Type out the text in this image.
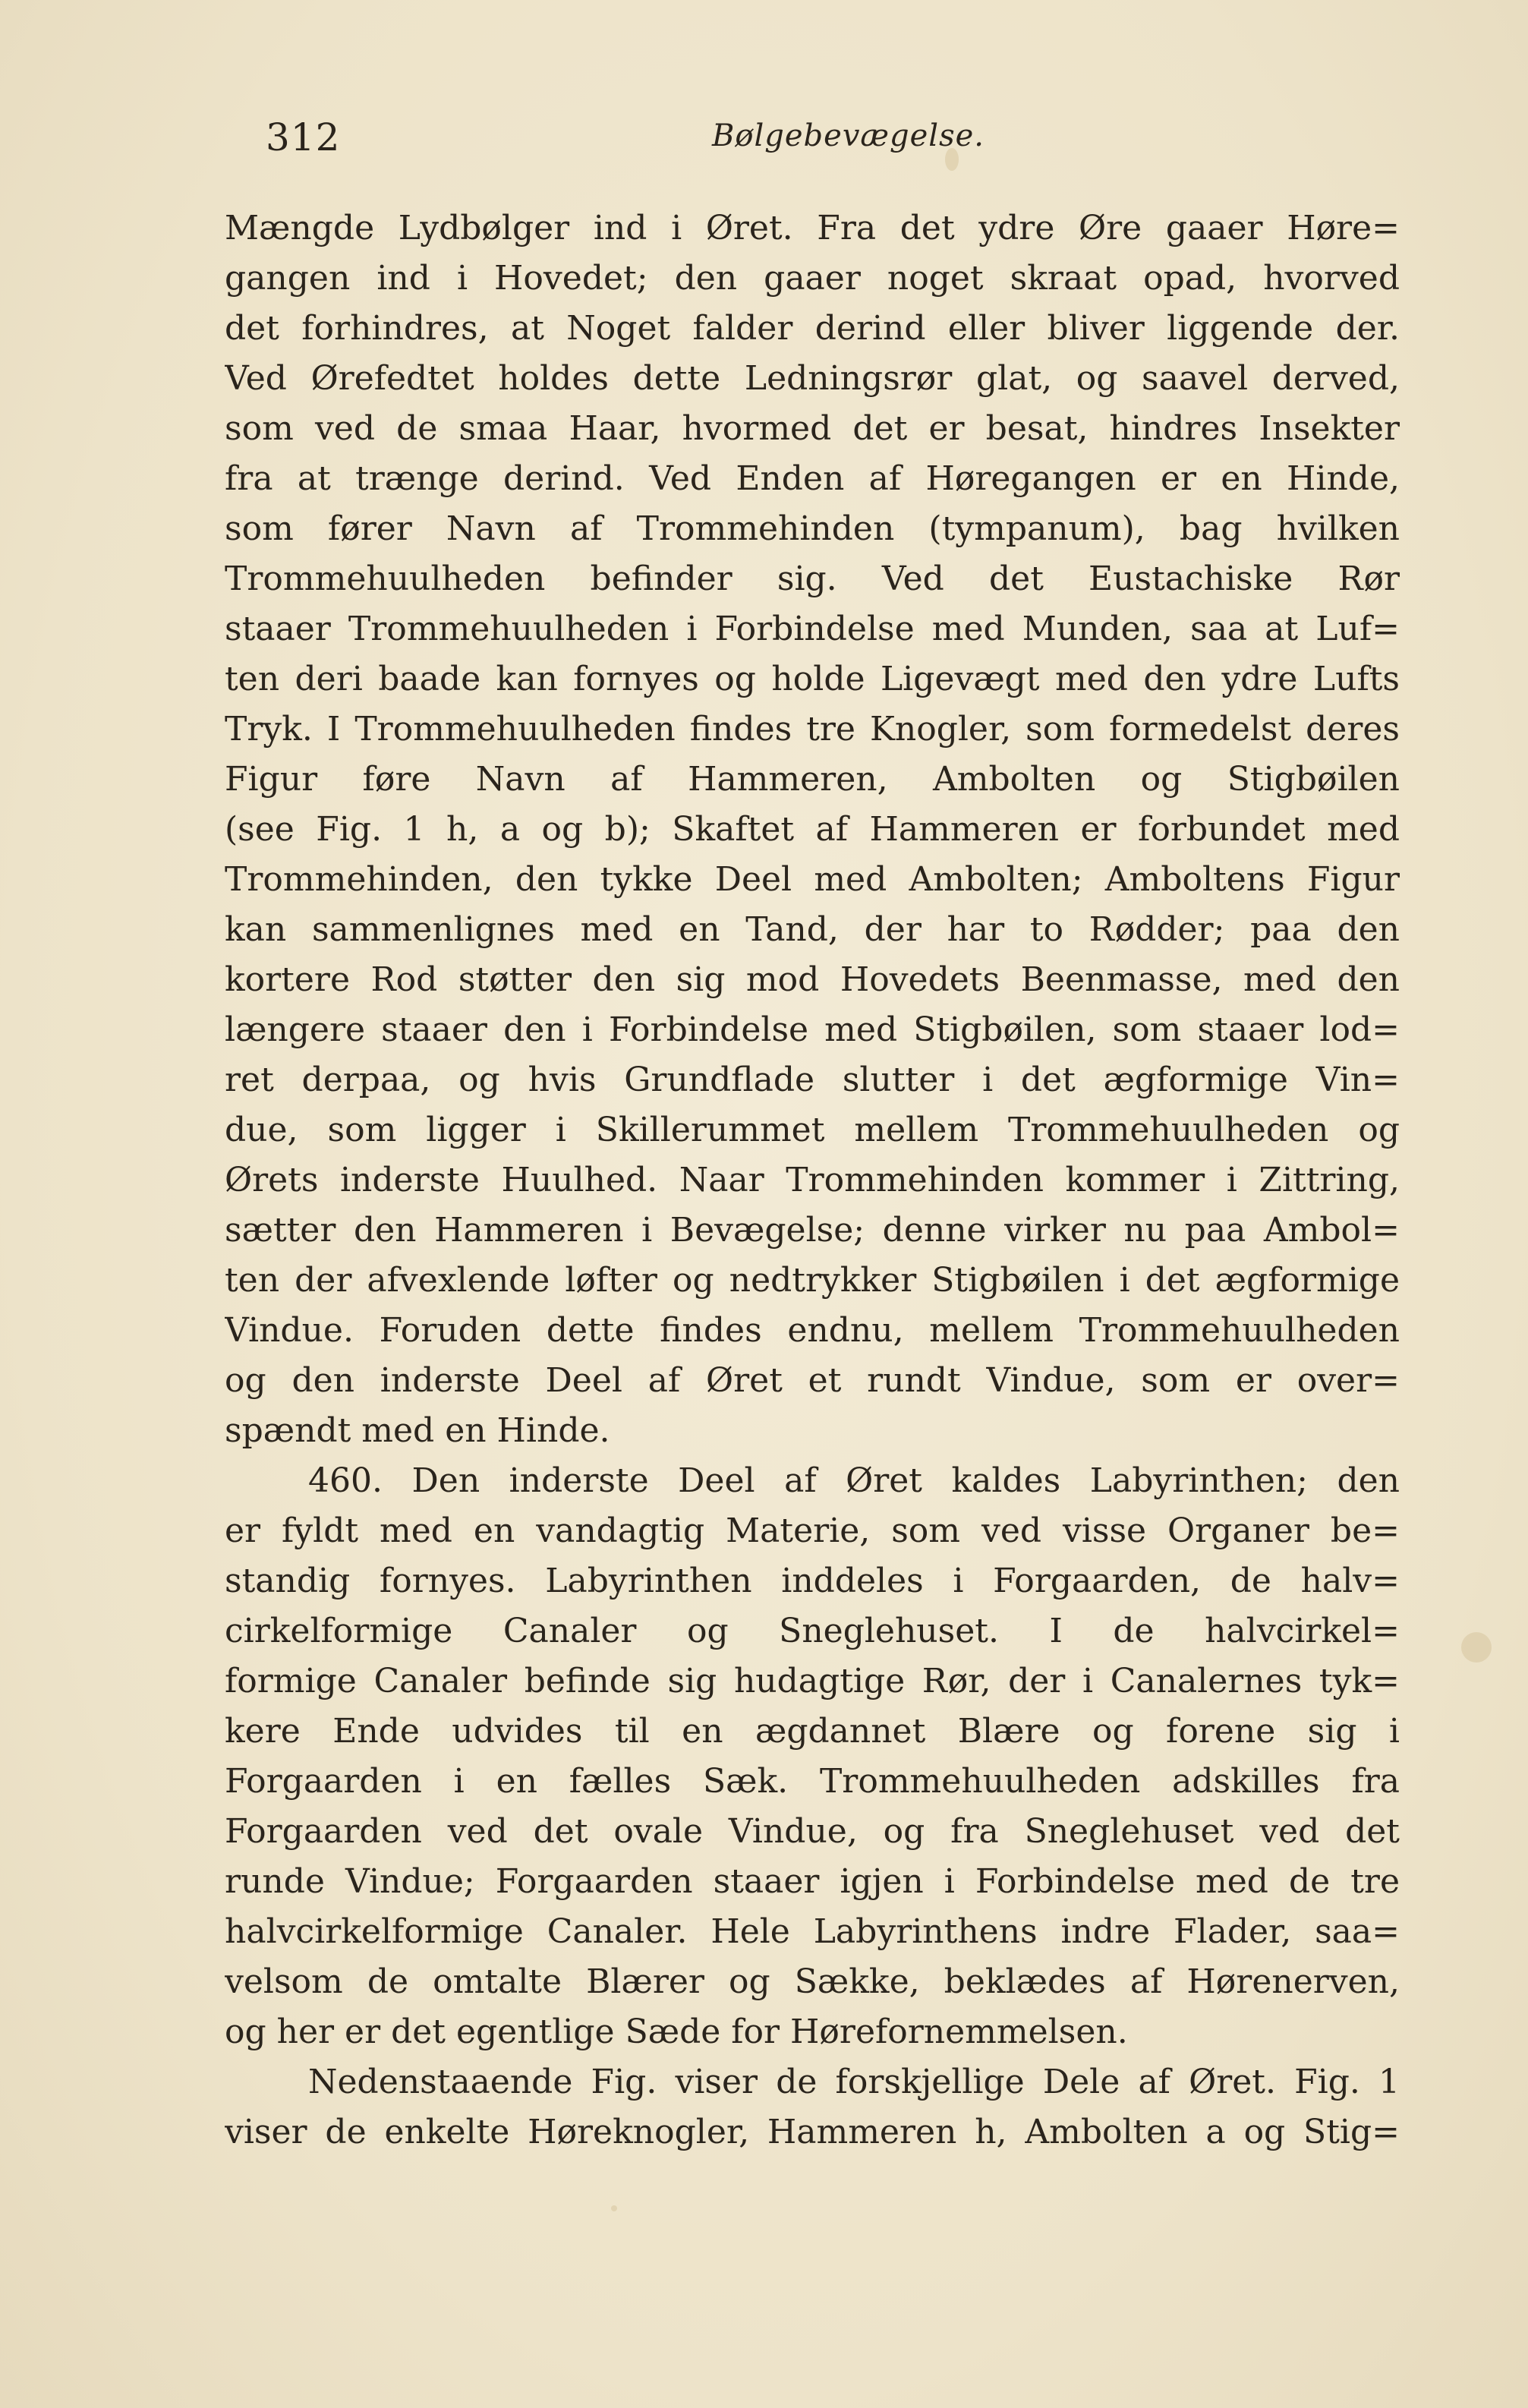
312	Bølgebevægelse.
Mængde Lydbølger ind i Øret. Fra det ydre Øre gaaer Høre=
gangen ind i Hovedet; den gaaer noget skraat opad, hvorved
det forhindres, at Noget falder derind eller bliver liggende der.
Ved Ørefedtet holdes dette Ledningsrør glat, og saavel derved,
som ved de smaa Haar, hvormed det er besat, hindres Insekter
fra at trænge derind. Ved Enden af Høregangen er en Hinde,
som fører Navn af Trommehinden (tympanum), bag hvilken
Trommehuulheden befinder sig. Ved det Eustachiske Rør
staaer Trommehuulheden i Forbindelse med Munden, saa at Luf=
ten deri baade kan fornyes og holde Ligevægt med den ydre Lufts
Tryk. I Trommehuulheden findes tre Knogler, som formedelst deres
Figur føre Navn af Hammeren, Ambolten og Stigbøilen
(see Fig. 1 h, a og b); Skaftet af Hammeren er forbundet med
Trommehinden, den tykke Deel med Ambolten; Amboltens Figur
kan sammenlignes med en Tand, der har to Rødder; paa den
kortere Rod støtter den sig mod Hovedets Beenmasse, med den
længere staaer den i Forbindelse med Stigbøilen, som staaer lod=
ret derpaa, og hvis Grundflade slutter i det ægformige Vin=
due, som ligger i Skillerummet mellem Trommehuulheden og
Ørets inderste Huulhed. Naar Trommehinden kommer i Zittring,
sætter den Hammeren i Bevægelse; denne virker nu paa Ambol=
ten der afvexlende løfter og nedtrykker Stigbøilen i det ægformige
Vindue. Foruden dette findes endnu, mellem Trommehuulheden
og den inderste Deel af Øret et rundt Vindue, som er over=
spændt med en Hinde.
460. Den inderste Deel af Øret kaldes Labyrinthen; den
er fyldt med en vandagtig Materie, som ved visse Organer be=
standig fornyes. Labyrinthen inddeles i Forgaarden, de halv=
cirkelformige Canaler og Sneglehuset. I de halvcirkel=
formige Canaler befinde sig hudagtige Rør, der i Canalernes tyk=
kere Ende udvides til en ægdannet Blære og forene sig i
Forgaarden i en fælles Sæk. Trommehuulheden adskilles fra
Forgaarden ved det ovale Vindue, og fra Sneglehuset ved det
runde Vindue; Forgaarden staaer igjen i Forbindelse med de tre
halvcirkelformige Canaler. Hele Labyrinthens indre Flader, saa=
velsom de omtalte Blærer og Sække, beklædes af Hørenerven,
og her er det egentlige Sæde for Hørefornemmelsen.
Nedenstaaende Fig. viser de forskjellige Dele af Øret. Fig. 1
viser de enkelte Høreknogler, Hammeren h, Ambolten a og Stig=
